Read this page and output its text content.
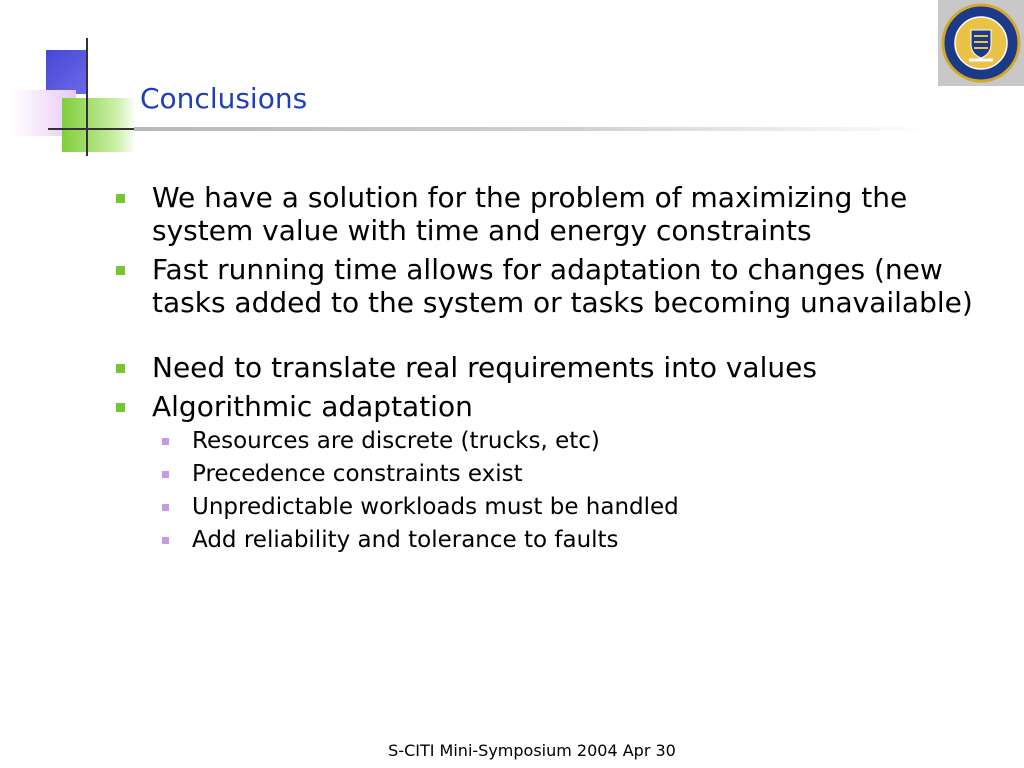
Conclusions
We have a solution for the problem of maximizing the system value with time and energy constraints
Fast running time allows for adaptation to changes (new tasks added to the system or tasks becoming unavailable)
Need to translate real requirements into values
Algorithmic adaptation
Resources are discrete (trucks, etc)
Precedence constraints exist
Unpredictable workloads must be handled
Add reliability and tolerance to faults
S-CITI Mini-Symposium 2004 Apr 30
